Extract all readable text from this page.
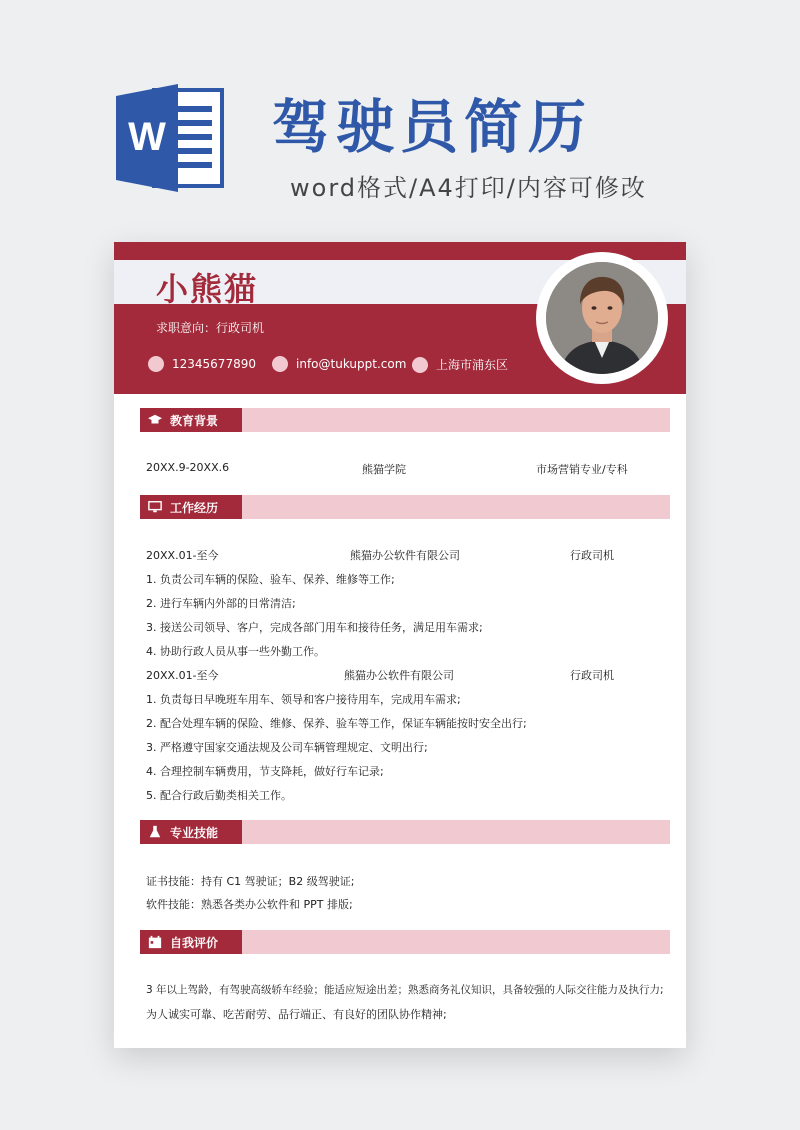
W 驾驶员简历
word格式/A4打印/内容可修改
小熊猫
求职意向：行政司机
12345677890	info@tukuppt.com 上海市浦东区
教育背景
20XX.9-20XX.6	熊猫学院	市场营销专业/专科
工作经历
20XX.01-至今	熊猫办公软件有限公司	行政司机
1. 负责公司车辆的保险、验车、保养、维修等工作;
2. 进行车辆内外部的日常清洁;
3. 接送公司领导、客户，完成各部门用车和接待任务，满足用车需求;
4. 协助行政人员从事一些外勤工作。
20XX.01-至今	熊猫办公软件有限公司	行政司机
1. 负责每日早晚班车用车、领导和客户接待用车，完成用车需求;
2. 配合处理车辆的保险、维修、保养、验车等工作，保证车辆能按时安全出行;
3. 严格遵守国家交通法规及公司车辆管理规定、文明出行;
4. 合理控制车辆费用，节支降耗，做好行车记录;
5. 配合行政后勤类相关工作。
专业技能
证书技能：持有 C1 驾驶证；B2 级驾驶证;
软件技能：熟悉各类办公软件和 PPT 排版;
自我评价
3 年以上驾龄，有驾驶高级轿车经验；能适应短途出差；熟悉商务礼仪知识，具备较强的人际交往能力及执行力;
为人诚实可靠、吃苦耐劳、品行端正、有良好的团队协作精神;
